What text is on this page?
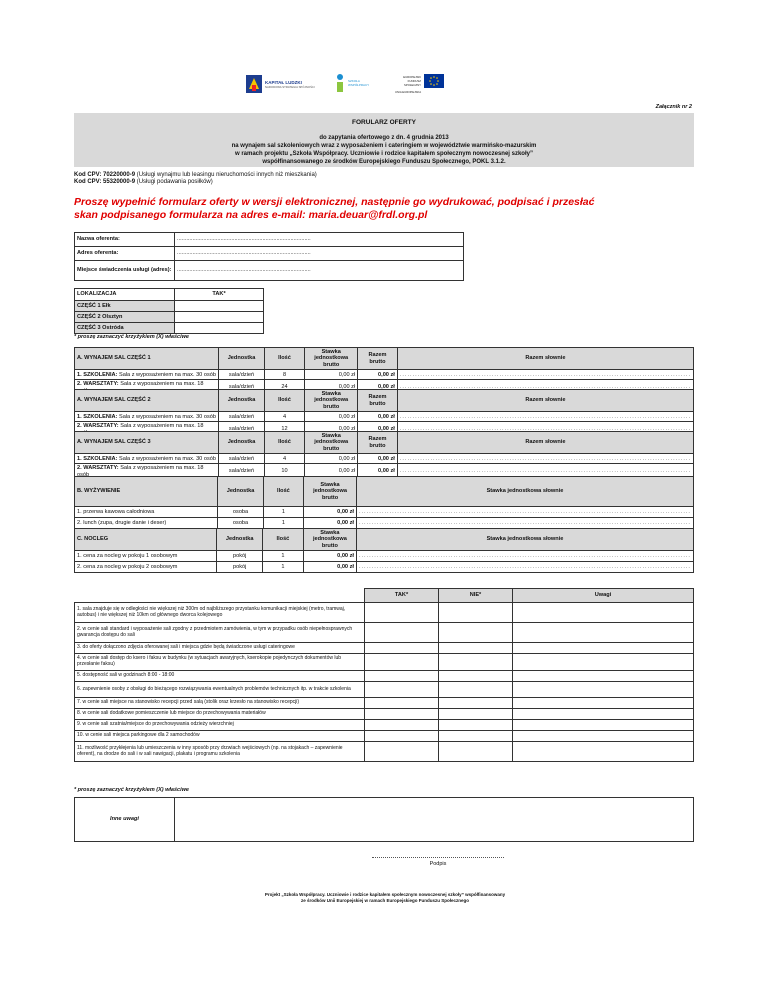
KAPITAŁ LUDZKI
NARODOWA STRATEGIA SPÓJNOŚCI
SZKOŁA WSPÓŁPRACY
EUROPEJSKI FUNDUSZ SPOŁECZNY
UNIA EUROPEJSKA
Załącznik nr 2
FORULARZ OFERTY
do zapytania ofertowego z dn. 4 grudnia 2013
na wynajem sal szkoleniowych wraz z wyposażeniem i cateringiem w województwie warmińsko-mazurskim
w ramach projektu „Szkoła Współpracy. Uczniowie i rodzice kapitałem społecznym nowoczesnej szkoły”
współfinansowanego ze środków Europejskiego Funduszu Społecznego, POKL 3.1.2.
Kod CPV: 70220000-9 (Usługi wynajmu lub leasingu nieruchomości innych niż mieszkania)
Kod CPV: 55320000-9 (Usługi podawania posiłków)
Proszę wypełnić formularz oferty w wersji elektronicznej, następnie go wydrukować, podpisać i przesłać skan podpisanego formularza na adres e-mail: maria.deuar@frdl.org.pl
Nazwa oferenta:	......................................................................................
Adres oferenta:	......................................................................................
Miejsce świadczenia usługi (adres):	......................................................................................
LOKALIZACJA	TAK*
CZĘŚĆ 1 Ełk	
CZĘŚĆ 2 Olsztyn	
CZĘŚĆ 3 Ostróda	
* proszę zaznaczyć krzyżykiem (X) właściwe
A. WYNAJEM SAL CZĘŚĆ 1	Jednostka	Ilość	Stawka jednostkowa brutto	Razem brutto	Razem słownie
1. SZKOLENIA: Sala z wyposażeniem na max. 30 osób	sala/dzień	8	0,00 zł	0,00 zł	..................................................................................................................
2. WARSZTATY: Sala z wyposażeniem na max. 18 osób	sala/dzień	24	0,00 zł	0,00 zł	..................................................................................................................
A. WYNAJEM SAL CZĘŚĆ 2	Jednostka	Ilość	Stawka jednostkowa brutto	Razem brutto	Razem słownie
1. SZKOLENIA: Sala z wyposażeniem na max. 30 osób	sala/dzień	4	0,00 zł	0,00 zł	..................................................................................................................
2. WARSZTATY: Sala z wyposażeniem na max. 18 osób	sala/dzień	12	0,00 zł	0,00 zł	..................................................................................................................
A. WYNAJEM SAL CZĘŚĆ 3	Jednostka	Ilość	Stawka jednostkowa brutto	Razem brutto	Razem słownie
1. SZKOLENIA: Sala z wyposażeniem na max. 30 osób	sala/dzień	4	0,00 zł	0,00 zł	..................................................................................................................
2. WARSZTATY: Sala z wyposażeniem na max. 18 osób	sala/dzień	10	0,00 zł	0,00 zł	..................................................................................................................
B. WYŻYWIENIE	Jednostka	Ilość	Stawka jednostkowa brutto	Stawka jednostkowa słownie
1. przerwa kawowa całodniowa	osoba	1	0,00 zł	..................................................................................................................................
2. lunch (zupa, drugie danie i deser)	osoba	1	0,00 zł	..................................................................................................................................
C. NOCLEG	Jednostka	Ilość	Stawka jednostkowa brutto	Stawka jednostkowa słownie
1. cena za nocleg w pokoju 1 osobowym	pokój	1	0,00 zł	..................................................................................................................................
2. cena za nocleg w pokoju 2 osobowym	pokój	1	0,00 zł	..................................................................................................................................
	TAK*	NIE*	Uwagi
1. sala znajduje się w odległości nie większej niż 300m od najbliższego przystanku komunikacji miejskiej (metro, tramwaj, autobus) i nie większej niż 10km od głównego dworca kolejowego			
2. w cenie sali standard i wyposażenie sali zgodny z przedmiotem zamówienia, w tym w przypadku osób niepełnosprawnych gwarancja dostępu do sali			
3. do oferty dołączono zdjęcia oferowanej sali i miejsca gdzie będą świadczone usługi cateringowe			
4. w cenie sali dostęp do ksero i faksu w budynku (w sytuacjach awaryjnych, kserokopie pojedynczych dokumentów lub przesłanie faksu)			
5. dostępność sali w godzinach 8:00 - 18:00			
6. zapewnienie osoby z obsługi do bieżącego rozwiązywania ewentualnych problemów technicznych itp. w trakcie szkolenia			
7. w cenie sali miejsce na stanowisko recepcji przed salą (stolik oraz krzesło na stanowisko recepcji)			
8. w cenie sali dodatkowe pomieszczenie lub miejsce do przechowywania materiałów			
9. w cenie sali szatnia/miejsce do przechowywania odzieży wierzchniej			
10. w cenie sali miejsca parkingowe dla 2 samochodów			
11. możliwość przykłejenia lub umieszczenia w inny sposób przy drzwiach wejściowych (np. na stojakach – zapewnienie oferent), na drodze do sali i w sali nawigacji, plakatu i programu szkolenia			
* proszę zaznaczyć krzyżykiem (X) właściwe
Inne uwagi	
Podpis
Projekt „Szkoła Współpracy. Uczniowie i rodzice kapitałem społecznym nowoczesnej szkoły” współfinansowany
ze środków Unii Europejskiej w ramach Europejskiego Funduszu Społecznego
